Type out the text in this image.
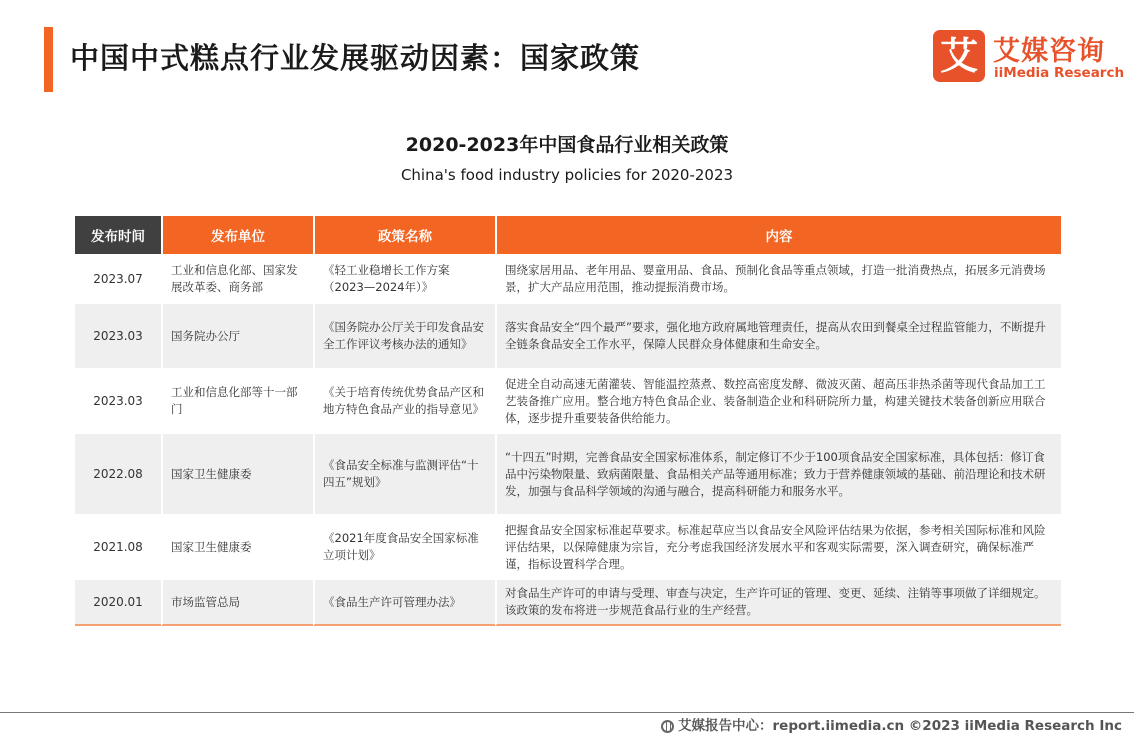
中国中式糕点行业发展驱动因素：国家政策	艾 艾媒咨询
iiMedia Research
2020-2023年中国食品行业相关政策
China's food industry policies for 2020-2023
发布时间	发布单位	政策名称	内容
2023.07	工业和信息化部、国家发展改革委、商务部	《轻工业稳增长工作方案（2023—2024年）》	围绕家居用品、老年用品、婴童用品、食品、预制化食品等重点领域，打造一批消费热点，拓展多元消费场景，扩大产品应用范围，推动提振消费市场。
2023.03	国务院办公厅	《国务院办公厅关于印发食品安全工作评议考核办法的通知》	落实食品安全“四个最严”要求，强化地方政府属地管理责任，提高从农田到餐桌全过程监管能力，不断提升全链条食品安全工作水平，保障人民群众身体健康和生命安全。
2023.03	工业和信息化部等十一部门	《关于培育传统优势食品产区和地方特色食品产业的指导意见》	促进全自动高速无菌灌装、智能温控蒸煮、数控高密度发酵、微波灭菌、超高压非热杀菌等现代食品加工工艺装备推广应用。整合地方特色食品企业、装备制造企业和科研院所力量，构建关键技术装备创新应用联合体，逐步提升重要装备供给能力。
2022.08	国家卫生健康委	《食品安全标准与监测评估“十四五”规划》	“十四五”时期，完善食品安全国家标准体系，制定修订不少于100项食品安全国家标准，具体包括：修订食品中污染物限量、致病菌限量、食品相关产品等通用标准；致力于营养健康领域的基础、前沿理论和技术研发，加强与食品科学领域的沟通与融合，提高科研能力和服务水平。
2021.08	国家卫生健康委	《2021年度食品安全国家标准立项计划》	把握食品安全国家标准起草要求。标准起草应当以食品安全风险评估结果为依据，参考相关国际标准和风险评估结果，以保障健康为宗旨，充分考虑我国经济发展水平和客观实际需要，深入调查研究，确保标准严谨，指标设置科学合理。
2020.01	市场监管总局	《食品生产许可管理办法》	对食品生产许可的申请与受理、审查与决定，生产许可证的管理、变更、延续、注销等事项做了详细规定。该政策的发布将进一步规范食品行业的生产经营。
艾媒报告中心：report.iimedia.cn ©2023 iiMedia Research Inc
